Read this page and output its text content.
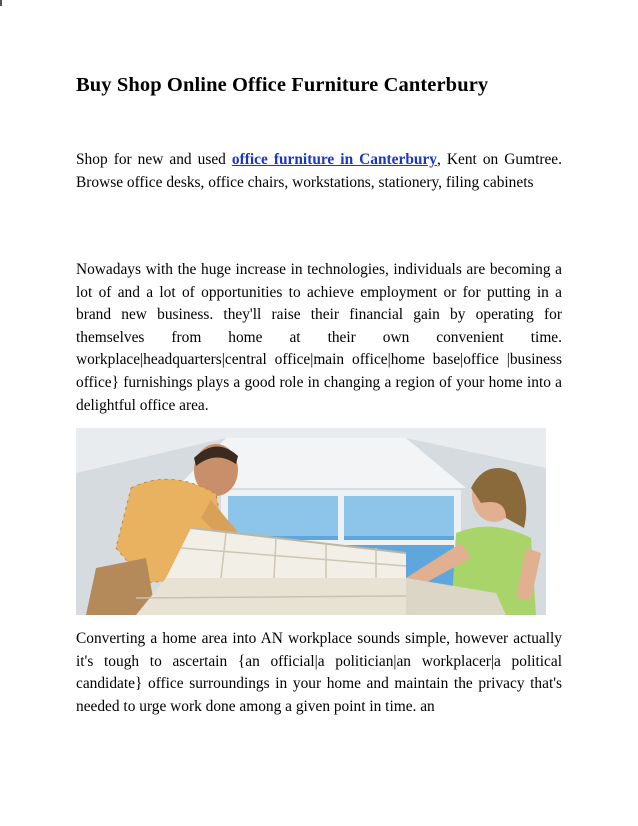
Buy Shop Online Office Furniture Canterbury

Shop for new and used office furniture in Canterbury, Kent on Gumtree. Browse office desks, office chairs, workstations, stationery, filing cabinets

Nowadays with the huge increase in technologies, individuals are becoming a lot of and a lot of opportunities to achieve employment or for putting in a brand new business. they'll raise their financial gain by operating for themselves from home at their own convenient time. workplace|headquarters|central office|main office|home base|office |business office} furnishings plays a good role in changing a region of your home into a delightful office area.

Converting a home area into AN workplace sounds simple, however actually it's tough to ascertain {an official|a politician|an workplacer|a political candidate} office surroundings in your home and maintain the privacy that's needed to urge work done among a given point in time. an
